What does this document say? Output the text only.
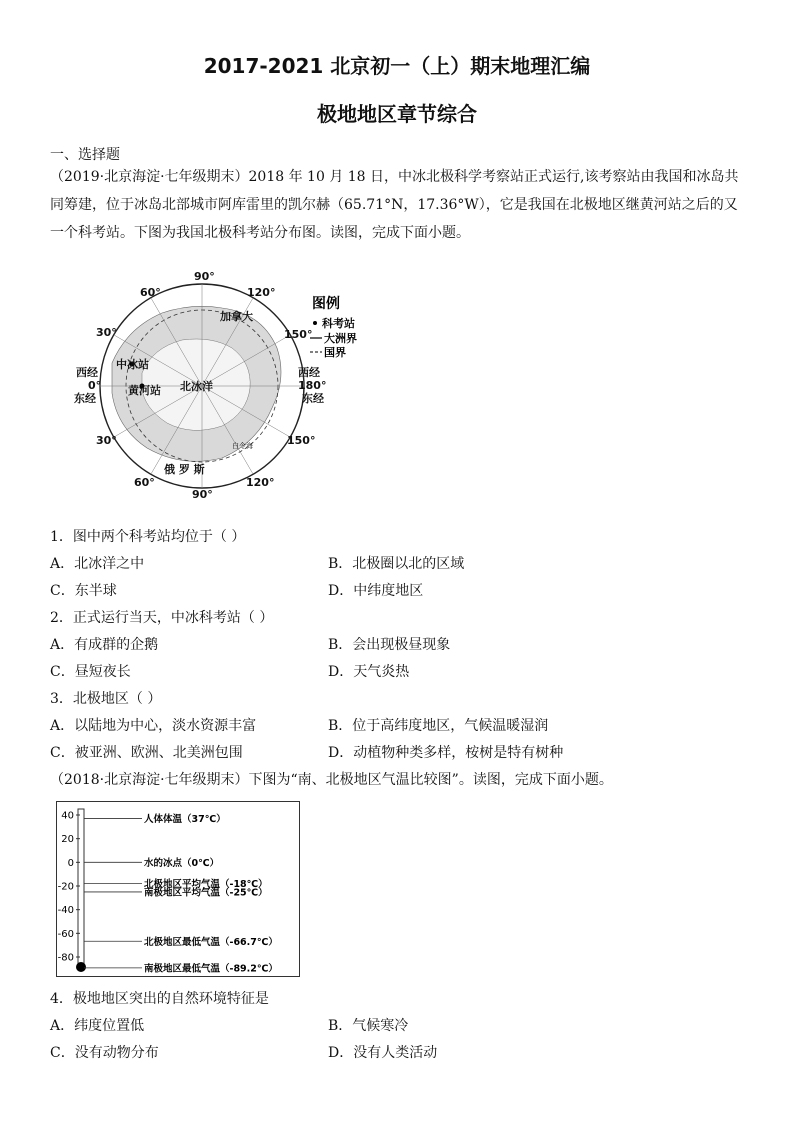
2017-2021 北京初一（上）期末地理汇编
极地地区章节综合
一、选择题
（2019·北京海淀·七年级期末）2018 年 10 月 18 日，中冰北极科学考察站正式运行,该考察站由我国和冰岛共同筹建，位于冰岛北部城市阿库雷里的凯尔赫（65.71°N，17.36°W），它是我国在北极地区继黄河站之后的又一个科考站。下图为我国北极科考站分布图。读图，完成下面小题。
90°
60°	120°
30°	150°
西经
0°
东经
西经
180°
东经
30°	150°
60°
90°
120°
加拿大
中冰站
黄河站 北冰洋
俄 罗 斯
白令海
图例
科考站
大洲界
国界
1．图中两个科考站均位于（ ）
A．北冰洋之中	B．北极圈以北的区域
C．东半球	D．中纬度地区
2．正式运行当天，中冰科考站（ ）
A．有成群的企鹅	B．会出现极昼现象
C．昼短夜长	D．天气炎热
3．北极地区（ ）
A．以陆地为中心，淡水资源丰富	B．位于高纬度地区，气候温暖湿润
C．被亚洲、欧洲、北美洲包围	D．动植物种类多样，桉树是特有树种
（2018·北京海淀·七年级期末）下图为“南、北极地区气温比较图”。读图，完成下面小题。
40
20
0
-20
-40
-60
-80
人体体温（37℃）
水的冰点（0℃）
北极地区平均气温（-18℃）
南极地区平均气温（-25℃）
北极地区最低气温（-66.7℃）
南极地区最低气温（-89.2℃）
4．极地地区突出的自然环境特征是
A．纬度位置低	B．气候寒冷
C．没有动物分布	D．没有人类活动
